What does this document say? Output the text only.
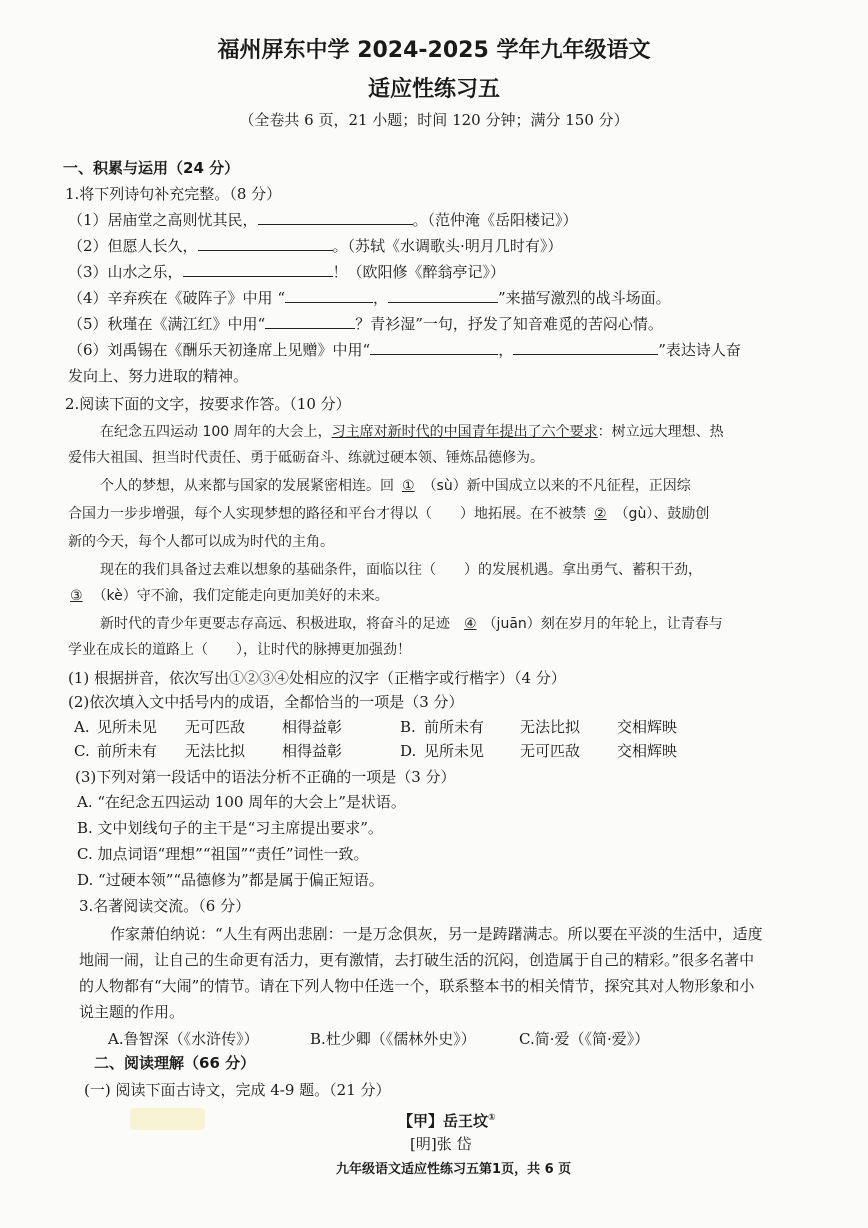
福州屏东中学 2024-2025 学年九年级语文
适应性练习五
（全卷共 6 页，21 小题；时间 120 分钟；满分 150 分）
一、积累与运用（24 分）
1.将下列诗句补充完整。（8 分）
（1）居庙堂之高则忧其民，	。（范仲淹《岳阳楼记》）
（2）但愿人长久，	。（苏轼《水调歌头·明月几时有》）
（3）山水之乐，	！（欧阳修《醉翁亭记》）
（4）辛弃疾在《破阵子》中用 “	，	”来描写激烈的战斗场面。
（5）秋瑾在《满江红》中用“	？青衫湿”一句，抒发了知音难觅的苦闷心情。
（6）刘禹锡在《酬乐天初逢席上见赠》中用“	，	”表达诗人奋
发向上、努力进取的精神。
2.阅读下面的文字，按要求作答。（10 分）
在纪念五四运动 100 周年的大会上，习主席对新时代的中国青年提出了六个要求：树立远大理想、热
爱伟大祖国、担当时代责任、勇于砥砺奋斗、练就过硬本领、锤炼品德修为。
个人的梦想，从来都与国家的发展紧密相连。回 ① （sù）新中国成立以来的不凡征程，正因综
合国力一步步增强，每个人实现梦想的路径和平台才得以（　　）地拓展。在不被禁 ② （gù）、鼓励创
新的今天，每个人都可以成为时代的主角。
现在的我们具备过去难以想象的基础条件，面临以往（　　）的发展机遇。拿出勇气、蓄积干劲，
③ （kè）守不渝，我们定能走向更加美好的未来。
新时代的青少年更要志存高远、积极进取，将奋斗的足迹 ④ （juān）刻在岁月的年轮上，让青春与
学业在成长的道路上（　　），让时代的脉搏更加强劲！
(1) 根据拼音，依次写出①②③④处相应的汉字（正楷字或行楷字）（4 分）
(2)依次填入文中括号内的成语，全都恰当的一项是（3 分）
A. 见所未见 无可匹敌 相得益彰	B. 前所未有 无法比拟 交相辉映
C. 前所未有 无法比拟 相得益彰	D. 见所未见 无可匹敌 交相辉映
(3)下列对第一段话中的语法分析不正确的一项是（3 分）
A. “在纪念五四运动 100 周年的大会上”是状语。
B. 文中划线句子的主干是“习主席提出要求”。
C. 加点词语“理想”“祖国”“责任”词性一致。
D. “过硬本领”“品德修为”都是属于偏正短语。
3.名著阅读交流。（6 分）
作家萧伯纳说：“人生有两出悲剧：一是万念俱灰，另一是踌躇满志。所以要在平淡的生活中，适度
地闹一闹，让自己的生命更有活力，更有激情，去打破生活的沉闷，创造属于自己的精彩。”很多名著中
的人物都有“大闹”的情节。请在下列人物中任选一个，联系整本书的相关情节，探究其对人物形象和小
说主题的作用。
A.鲁智深（《水浒传》）	B.杜少卿（《儒林外史》）	C.简·爱（《简·爱》）
二、阅读理解（66 分）
(一) 阅读下面古诗文，完成 4-9 题。（21 分）
【甲】岳王坟①
[明]张 岱
九年级语文适应性练习五第1页，共 6 页
